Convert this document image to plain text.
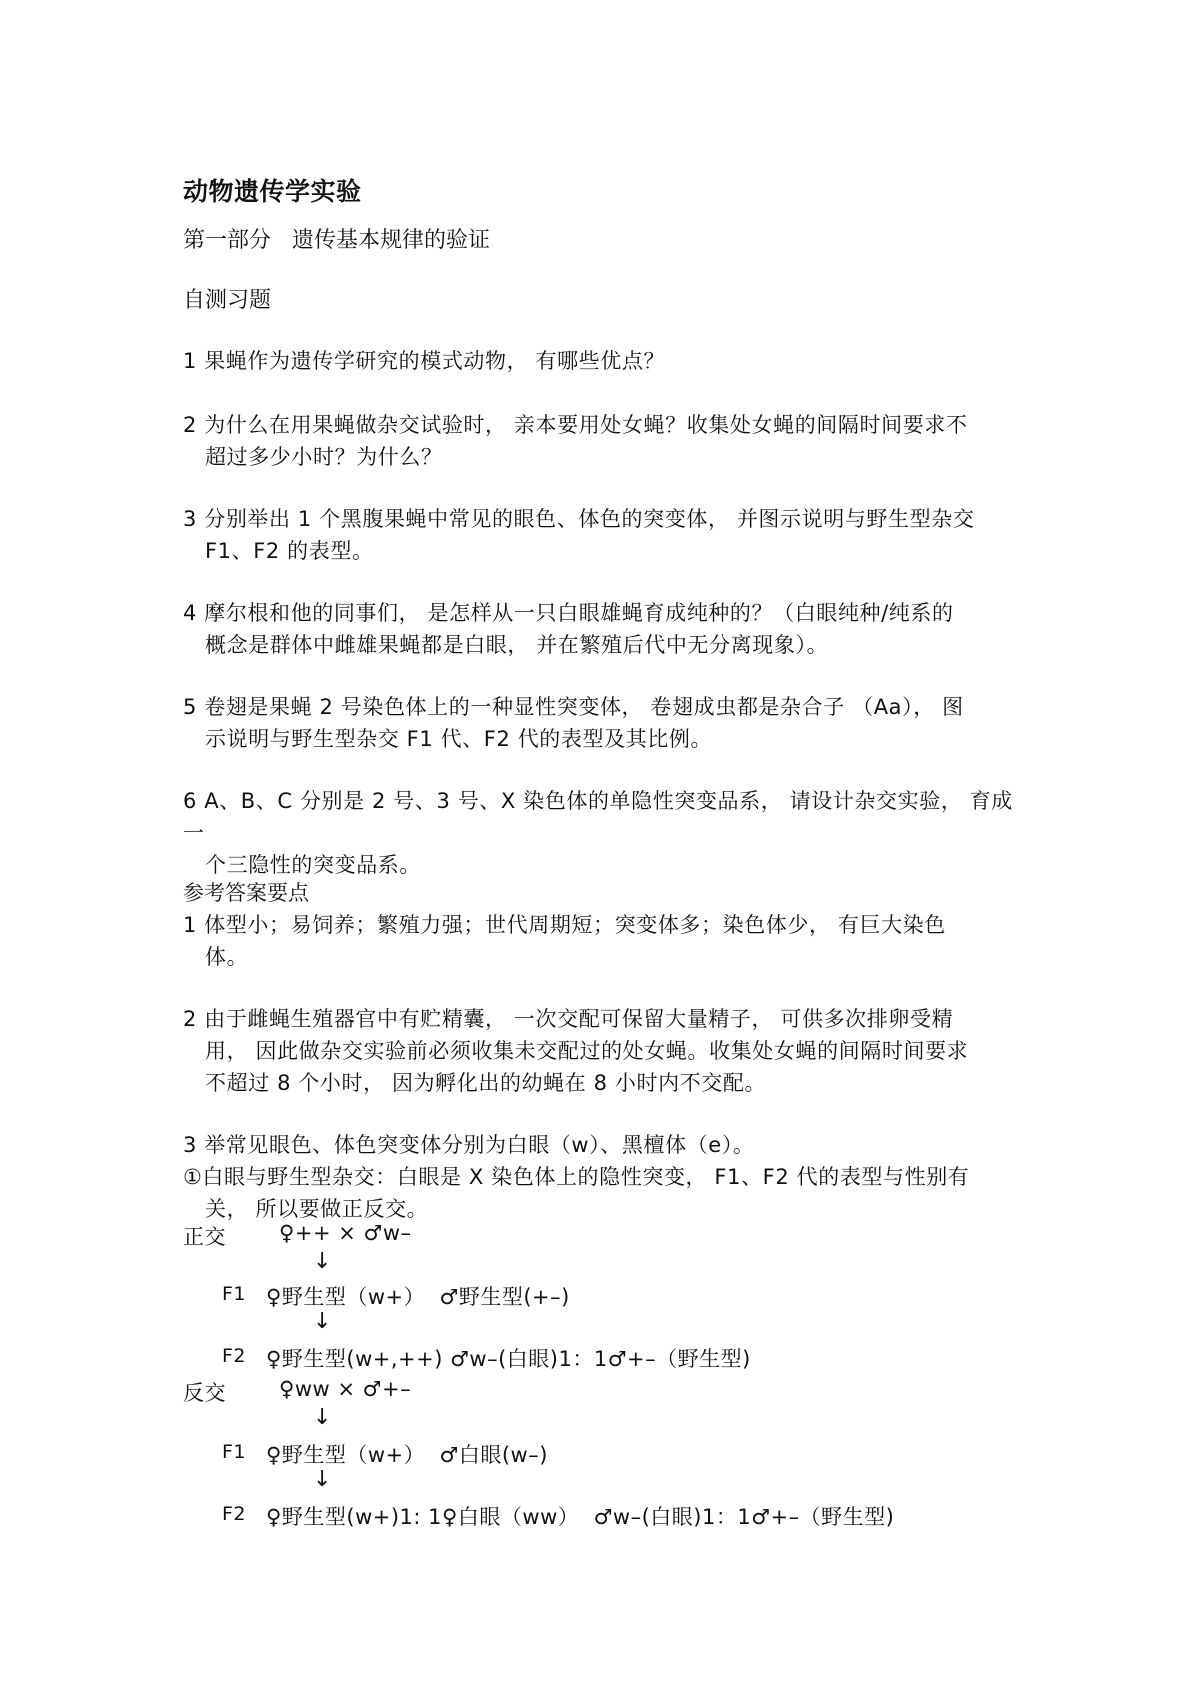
动物遗传学实验
第一部分   遗传基本规律的验证
自测习题
1 果蝇作为遗传学研究的模式动物， 有哪些优点？
2 为什么在用果蝇做杂交试验时， 亲本要用处女蝇？收集处女蝇的间隔时间要求不
超过多少小时？为什么？
3 分别举出 1 个黑腹果蝇中常见的眼色、体色的突变体， 并图示说明与野生型杂交
F1、F2 的表型。
4 摩尔根和他的同事们， 是怎样从一只白眼雄蝇育成纯种的？（白眼纯种/纯系的
概念是群体中雌雄果蝇都是白眼， 并在繁殖后代中无分离现象）。
5 卷翅是果蝇 2 号染色体上的一种显性突变体， 卷翅成虫都是杂合子 （Aa）， 图
示说明与野生型杂交 F1 代、F2 代的表型及其比例。
6 A、B、C 分别是 2 号、3 号、X 染色体的单隐性突变品系， 请设计杂交实验， 育成一
个三隐性的突变品系。
参考答案要点
1 体型小；易饲养；繁殖力强；世代周期短；突变体多；染色体少， 有巨大染色
体。
2 由于雌蝇生殖器官中有贮精囊， 一次交配可保留大量精子， 可供多次排卵受精
用， 因此做杂交实验前必须收集未交配过的处女蝇。收集处女蝇的间隔时间要求
不超过 8 个小时， 因为孵化出的幼蝇在 8 小时内不交配。
3 举常见眼色、体色突变体分别为白眼（w）、黑檀体（e）。
①白眼与野生型杂交：白眼是 X 染色体上的隐性突变， F1、F2 代的表型与性别有
关， 所以要做正反交。
正交	♀++ × ♂w–
↓
F1 ♀野生型（w+）  ♂野生型(+–)
↓
F2 ♀野生型(w+,++) ♂w–(白眼)1：1♂+–（野生型)
反交	♀ww × ♂+–
↓
F1 ♀野生型（w+）  ♂白眼(w–)
↓
F2 ♀野生型(w+)1: 1♀白眼（ww）  ♂w–(白眼)1：1♂+–（野生型)
